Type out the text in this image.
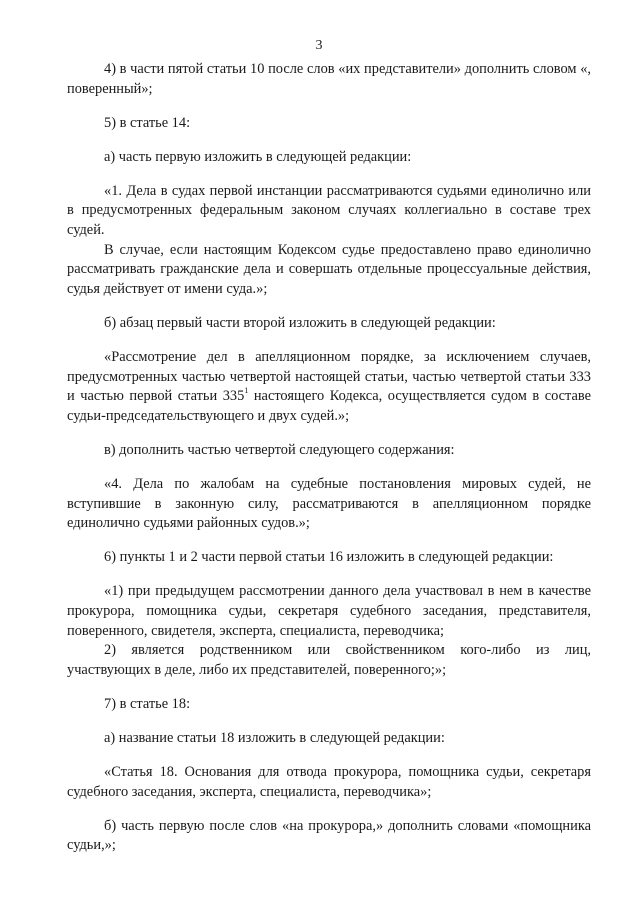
3

4) в части пятой статьи 10 после слов «их представители» дополнить словом «, поверенный»;

5) в статье 14:

а) часть первую изложить в следующей редакции:

«1. Дела в судах первой инстанции рассматриваются судьями единолично или в предусмотренных федеральным законом случаях коллегиально в составе трех судей.

В случае, если настоящим Кодексом судье предоставлено право единолично рассматривать гражданские дела и совершать отдельные процессуальные действия, судья действует от имени суда.»;

б) абзац первый части второй изложить в следующей редакции:

«Рассмотрение дел в апелляционном порядке, за исключением случаев, предусмотренных частью четвертой настоящей статьи, частью четвертой статьи 333 и частью первой статьи $335^1$ настоящего Кодекса, осуществляется судом в составе судьи-председательствующего и двух судей.»;

в) дополнить частью четвертой следующего содержания:

«4. Дела по жалобам на судебные постановления мировых судей, не вступившие в законную силу, рассматриваются в апелляционном порядке единолично судьями районных судов.»;

6) пункты 1 и 2 части первой статьи 16 изложить в следующей редакции:

«1) при предыдущем рассмотрении данного дела участвовал в нем в качестве прокурора, помощника судьи, секретаря судебного заседания, представителя, поверенного, свидетеля, эксперта, специалиста, переводчика;

2) является родственником или свойственником кого-либо из лиц, участвующих в деле, либо их представителей, поверенного;»;

7) в статье 18:

а) название статьи 18 изложить в следующей редакции:

«Статья 18. Основания для отвода прокурора, помощника судьи, секретаря судебного заседания, эксперта, специалиста, переводчика»;

б) часть первую после слов «на прокурора,» дополнить словами «помощника судьи,»;
